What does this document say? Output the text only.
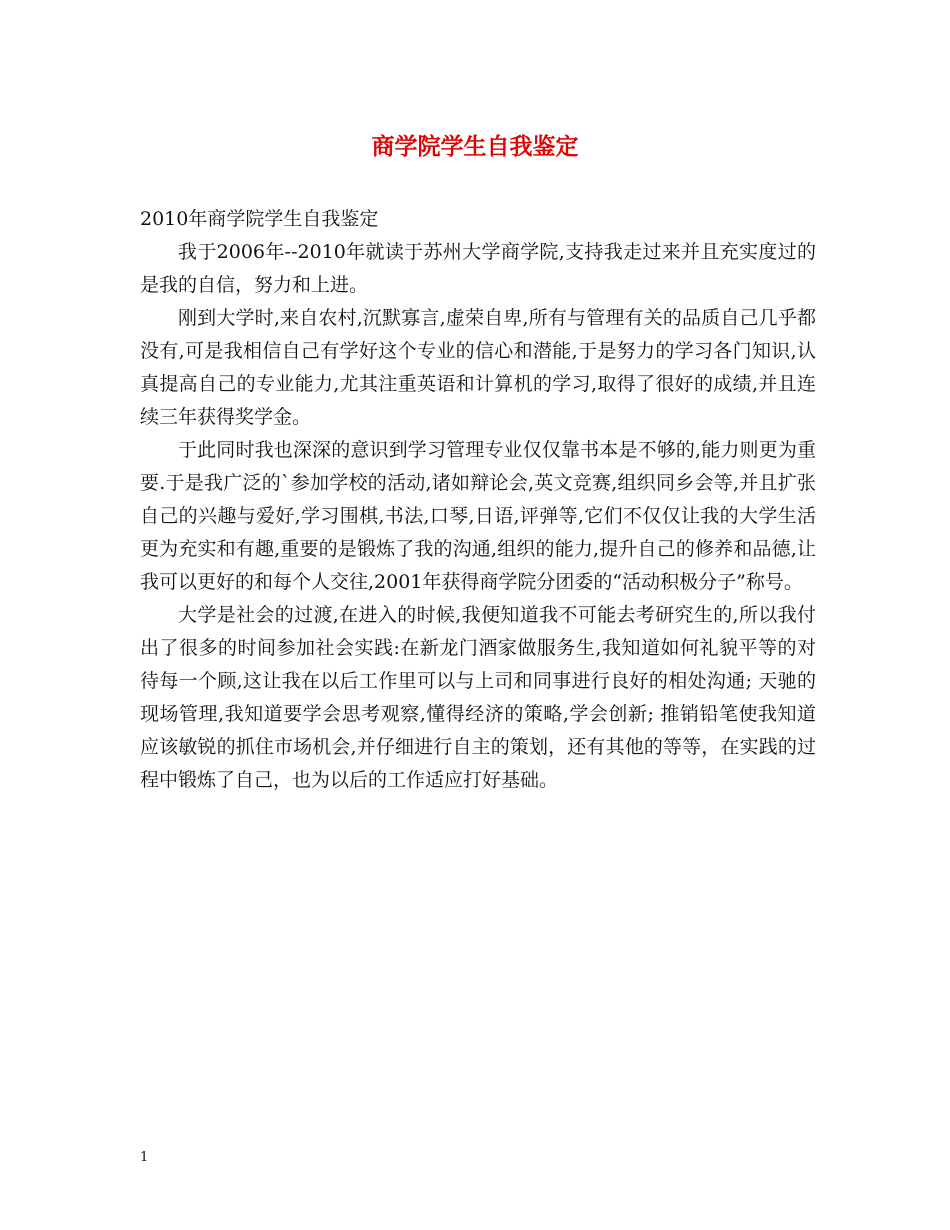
商学院学生自我鉴定

2010年商学院学生自我鉴定

我于2006年--2010年就读于苏州大学商学院,支持我走过来并且充实度过的是我的自信，努力和上进。

刚到大学时,来自农村,沉默寡言,虚荣自卑,所有与管理有关的品质自己几乎都没有,可是我相信自己有学好这个专业的信心和潜能,于是努力的学习各门知识,认真提高自己的专业能力,尤其注重英语和计算机的学习,取得了很好的成绩,并且连续三年获得奖学金。

于此同时我也深深的意识到学习管理专业仅仅靠书本是不够的,能力则更为重要.于是我广泛的`参加学校的活动,诸如辩论会,英文竞赛,组织同乡会等,并且扩张自己的兴趣与爱好,学习围棋,书法,口琴,日语,评弹等,它们不仅仅让我的大学生活更为充实和有趣,重要的是锻炼了我的沟通,组织的能力,提升自己的修养和品德,让我可以更好的和每个人交往,2001年获得商学院分团委的“活动积极分子”称号。

大学是社会的过渡,在进入的时候,我便知道我不可能去考研究生的,所以我付出了很多的时间参加社会实践:在新龙门酒家做服务生,我知道如何礼貌平等的对待每一个顾,这让我在以后工作里可以与上司和同事进行良好的相处沟通; 天驰的现场管理,我知道要学会思考观察,懂得经济的策略,学会创新; 推销铅笔使我知道应该敏锐的抓住市场机会,并仔细进行自主的策划，还有其他的等等，在实践的过程中锻炼了自己，也为以后的工作适应打好基础。

1
